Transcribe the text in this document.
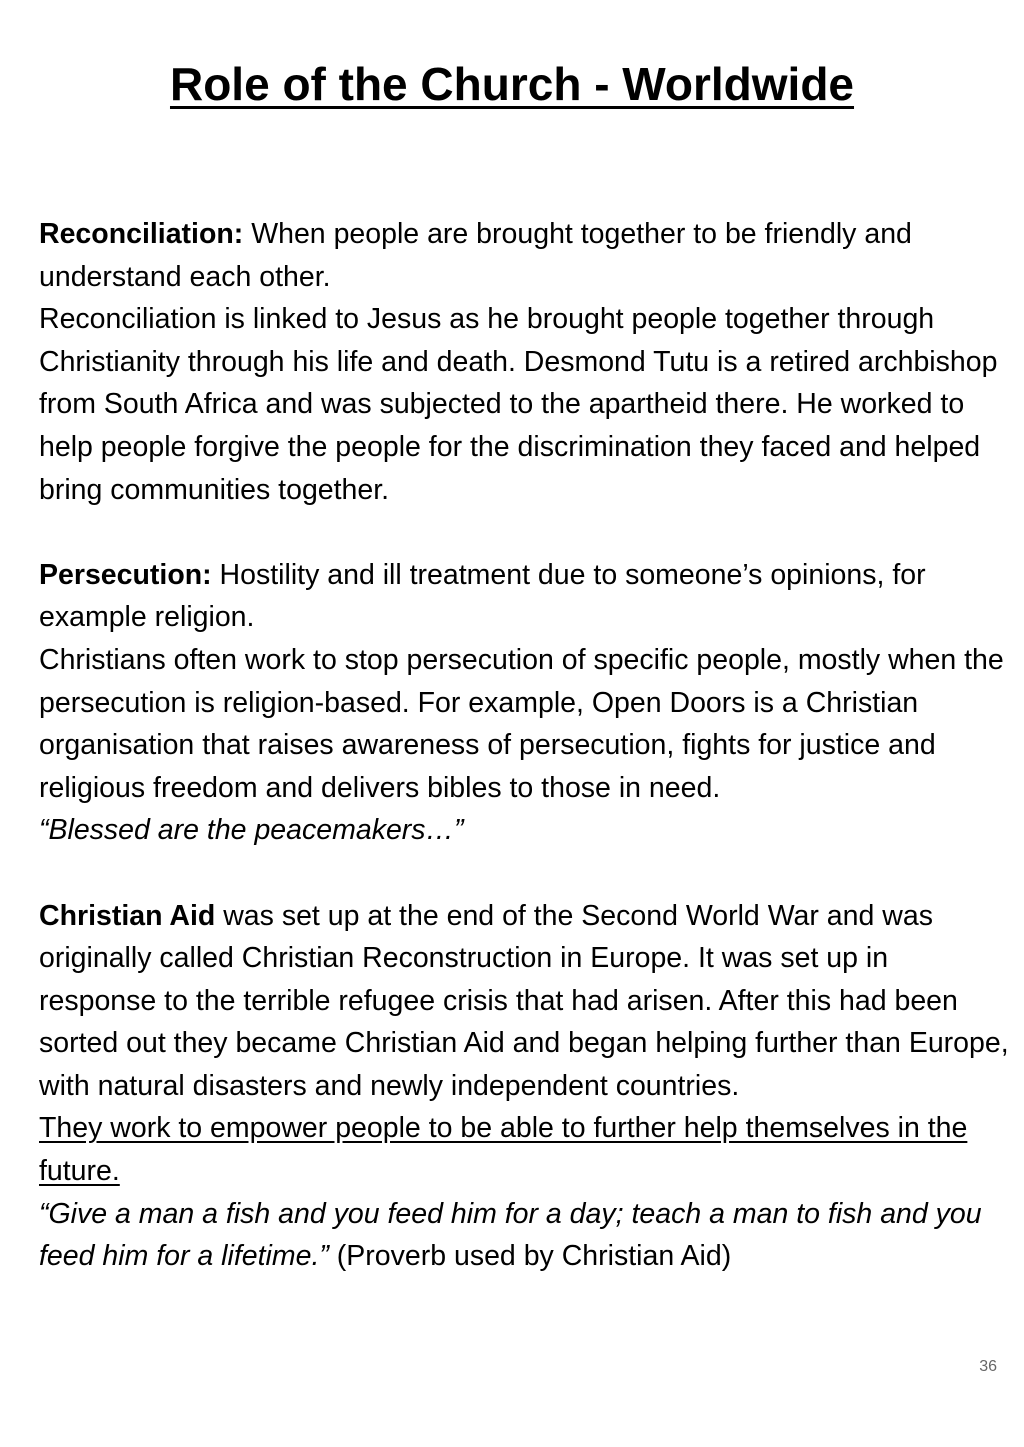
Role of the Church - Worldwide

Reconciliation: When people are brought together to be friendly and understand each other.

Reconciliation is linked to Jesus as he brought people together through Christianity through his life and death. Desmond Tutu is a retired archbishop from South Africa and was subjected to the apartheid there. He worked to help people forgive the people for the discrimination they faced and helped bring communities together.

Persecution: Hostility and ill treatment due to someone’s opinions, for example religion.

Christians often work to stop persecution of specific people, mostly when the persecution is religion-based. For example, Open Doors is a Christian organisation that raises awareness of persecution, fights for justice and religious freedom and delivers bibles to those in need.

“Blessed are the peacemakers…”

Christian Aid was set up at the end of the Second World War and was originally called Christian Reconstruction in Europe. It was set up in response to the terrible refugee crisis that had arisen. After this had been sorted out they became Christian Aid and began helping further than Europe, with natural disasters and newly independent countries.

They work to empower people to be able to further help themselves in the future.

“Give a man a fish and you feed him for a day; teach a man to fish and you feed him for a lifetime.” (Proverb used by Christian Aid)

36
